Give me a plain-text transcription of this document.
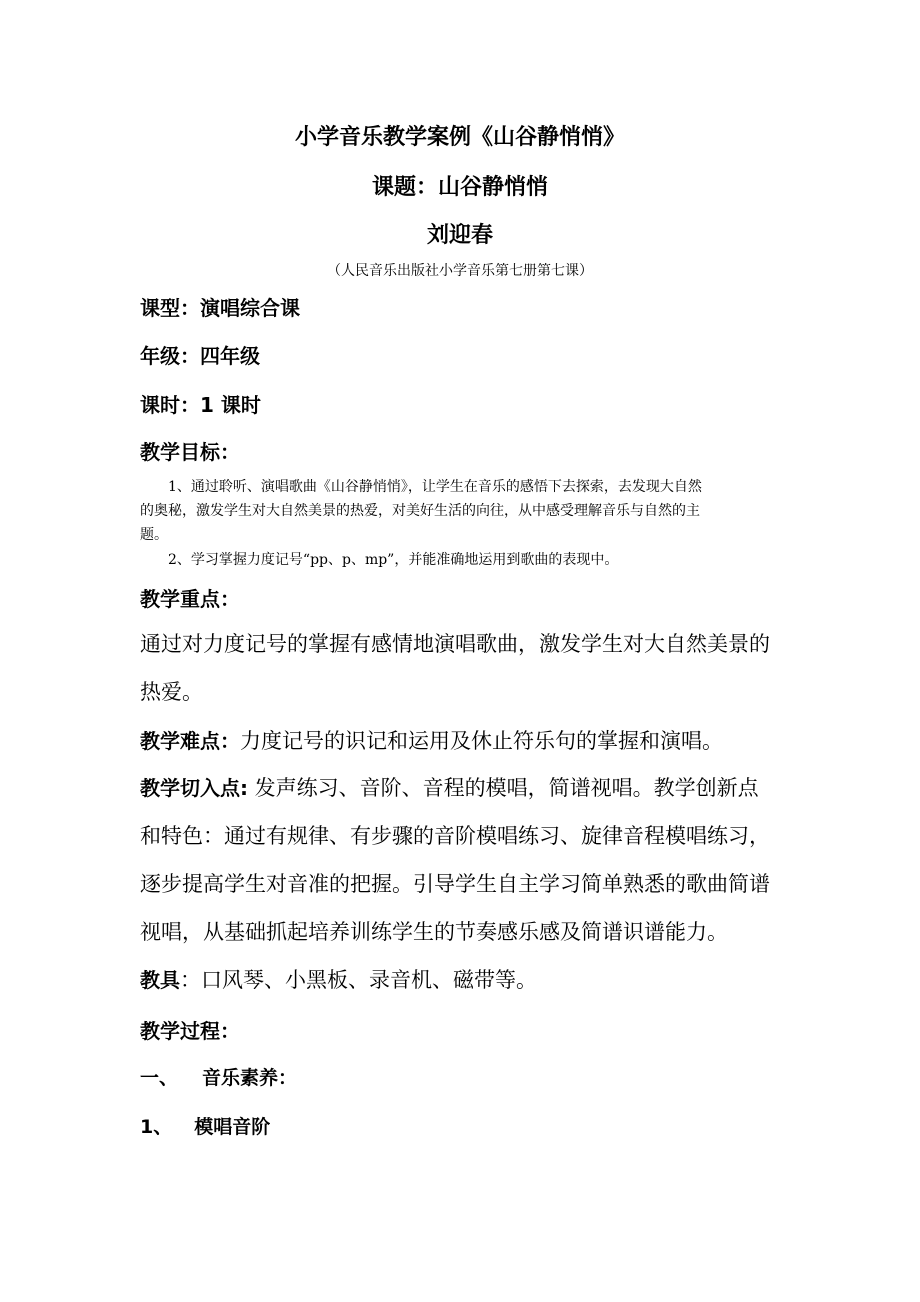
小学音乐教学案例《山谷静悄悄》
课题：山谷静悄悄
刘迎春
（人民音乐出版社小学音乐第七册第七课）
课型：演唱综合课
年级：四年级
课时：1 课时
教学目标：
1、通过聆听、演唱歌曲《山谷静悄悄》，让学生在音乐的感悟下去探索，去发现大自然
的奥秘，激发学生对大自然美景的热爱，对美好生活的向往，从中感受理解音乐与自然的主
题。
2、学习掌握力度记号“pp、p、mp”，并能准确地运用到歌曲的表现中。
教学重点：
通过对力度记号的掌握有感情地演唱歌曲，激发学生对大自然美景的
热爱。
教学难点：力度记号的识记和运用及休止符乐句的掌握和演唱。
教学切入点: 发声练习、音阶、音程的模唱，简谱视唱。教学创新点
和特色：通过有规律、有步骤的音阶模唱练习、旋律音程模唱练习，
逐步提高学生对音准的把握。引导学生自主学习简单熟悉的歌曲简谱
视唱，从基础抓起培养训练学生的节奏感乐感及简谱识谱能力。
教具：口风琴、小黑板、录音机、磁带等。
教学过程：
一、 音乐素养：
1、 模唱音阶
